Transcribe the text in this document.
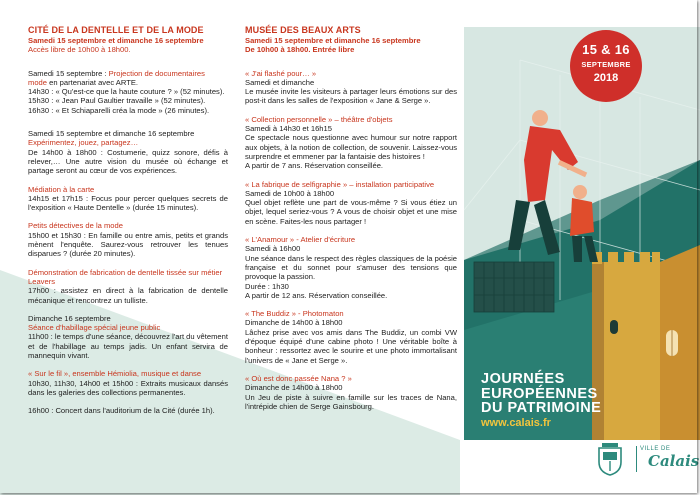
CITÉ DE LA DENTELLE ET DE LA MODE
Samedi 15 septembre et dimanche 16 septembre
Accès libre de 10h00 à 18h00.
Samedi 15 septembre : Projection de documentaires
mode en partenariat avec ARTE.
14h30 : « Qu'est-ce que la haute couture ? » (52 minutes).
15h30 : « Jean Paul Gaultier travaille » (52 minutes).
16h30 : « Et Schiaparelli créa la mode » (26 minutes).
Samedi 15 septembre et dimanche 16 septembre
Expérimentez, jouez, partagez…
De 14h00 à 18h00 : Costumerie, quizz sonore, défis à relever,… Une autre vision du musée où échange et partage seront au cœur de vos expériences.
Médiation à la carte
14h15 et 17h15 : Focus pour percer quelques secrets de l'exposition « Haute Dentelle » (durée 15 minutes).
Petits détectives de la mode
15h00 et 15h30 : En famille ou entre amis, petits et grands mènent l'enquête. Saurez-vous retrouver les tenues disparues ? (durée 20 minutes).
Démonstration de fabrication de dentelle tissée sur métier Leavers
17h00 : assistez en direct à la fabrication de dentelle mécanique et rencontrez un tulliste.
Dimanche 16 septembre
Séance d'habillage spécial jeune public
11h00 : le temps d'une séance, découvrez l'art du vêtement et de l'habillage au temps jadis. Un enfant servira de mannequin vivant.
« Sur le fil », ensemble Hémiolia, musique et danse
10h30, 11h30, 14h00 et 15h00 : Extraits musicaux dansés dans les galeries des collections permanentes.
16h00 : Concert dans l'auditorium de la Cité (durée 1h).
MUSÉE DES BEAUX ARTS
Samedi 15 septembre et dimanche 16 septembre
De 10h00 à 18h00. Entrée libre
« J'ai flashé pour… »
Samedi et dimanche
Le musée invite les visiteurs à partager leurs émotions sur des post-it dans les salles de l'exposition « Jane & Serge ».
« Collection personnelle » – théâtre d'objets
Samedi à 14h30 et 16h15
Ce spectacle nous questionne avec humour sur notre rapport aux objets, à la notion de collection, de souvenir. Laissez-vous surprendre et emmener par la fantaisie des histoires !
A partir de 7 ans. Réservation conseillée.
« La fabrique de selfigraphie » – installation participative
Samedi de 10h00 à 18h00
Quel objet reflète une part de vous-même ? Si vous étiez un objet, lequel seriez-vous ? A vous de choisir objet et une mise en scène. Faites-les nous partager !
« L'Anamour » - Atelier d'écriture
Samedi à 16h00
Une séance dans le respect des règles classiques de la poésie française et du sonnet pour s'amuser des tensions que provoque la passion.
Durée : 1h30
A partir de 12 ans. Réservation conseillée.
« The Buddiz » - Photomaton
Dimanche de 14h00 à 18h00
Lâchez prise avec vos amis dans The Buddiz, un combi VW d'époque équipé d'une cabine photo ! Une véritable boîte à bonheur : ressortez avec le sourire et une photo immortalisant l'univers de « Jane et Serge ».
« Où est donc passée Nana ? »
Dimanche de 14h00 à 18h00
Un Jeu de piste à suivre en famille sur les traces de Nana, l'intrépide chien de Serge Gainsbourg.
15 & 16
SEPTEMBRE
2018
JOURNÉES
EUROPÉENNES
DU PATRIMOINE
www.calais.fr
VILLE DE
Calais
